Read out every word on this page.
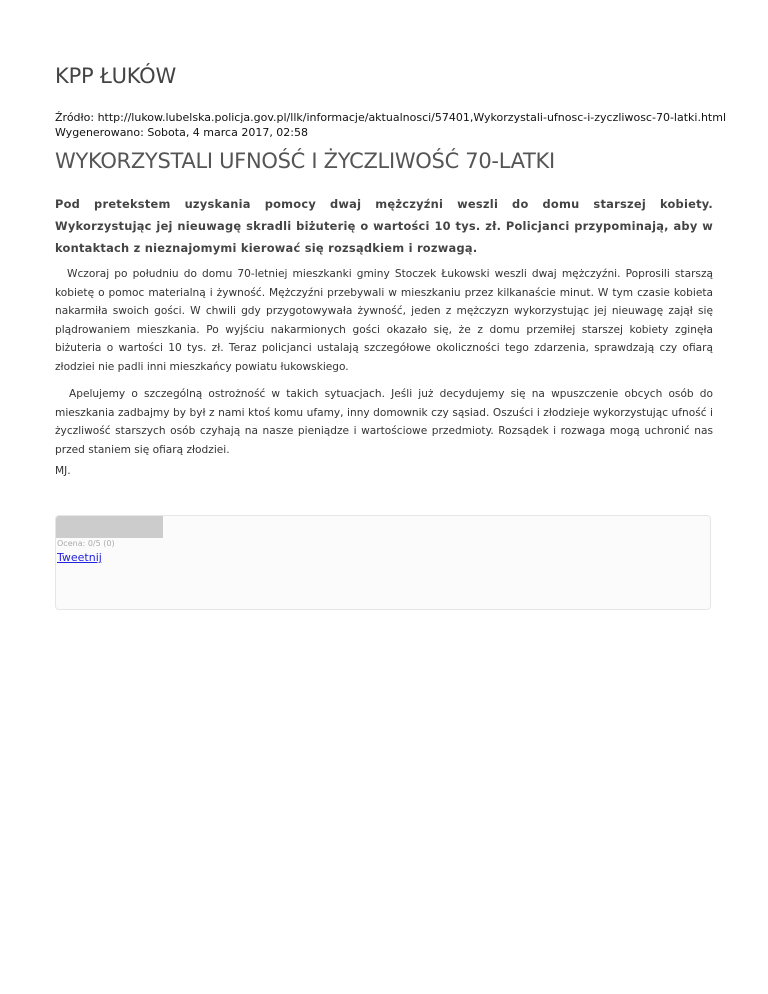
KPP ŁUKÓW
Źródło: http://lukow.lubelska.policja.gov.pl/llk/informacje/aktualnosci/57401,Wykorzystali-ufnosc-i-zyczliwosc-70-latki.html
Wygenerowano: Sobota, 4 marca 2017, 02:58
WYKORZYSTALI UFNOŚĆ I ŻYCZLIWOŚĆ 70-LATKI

Pod pretekstem uzyskania pomocy dwaj mężczyźni weszli do domu starszej kobiety. Wykorzystując jej nieuwagę skradli biżuterię o wartości 10 tys. zł. Policjanci przypominają, aby w kontaktach z nieznajomymi kierować się rozsądkiem i rozwagą.

Wczoraj po południu do domu 70-letniej mieszkanki gminy Stoczek Łukowski weszli dwaj mężczyźni. Poprosili starszą kobietę o pomoc materialną i żywność. Mężczyźni przebywali w mieszkaniu przez kilkanaście minut. W tym czasie kobieta nakarmiła swoich gości. W chwili gdy przygotowywała żywność, jeden z mężczyzn wykorzystując jej nieuwagę zajął się plądrowaniem mieszkania. Po wyjściu nakarmionych gości okazało się, że z domu przemiłej starszej kobiety zginęła biżuteria o wartości 10 tys. zł. Teraz policjanci ustalają szczegółowe okoliczności tego zdarzenia, sprawdzają czy ofiarą złodziei nie padli inni mieszkańcy powiatu łukowskiego.

Apelujemy o szczególną ostrożność w takich sytuacjach. Jeśli już decydujemy się na wpuszczenie obcych osób do mieszkania zadbajmy by był z nami ktoś komu ufamy, inny domownik czy sąsiad. Oszuści i złodzieje wykorzystując ufność i życzliwość starszych osób czyhają na nasze pieniądze i wartościowe przedmioty. Rozsądek i rozwaga mogą uchronić nas przed staniem się ofiarą złodziei.

MJ.
Ocena: 0/5 (0)
Tweetnij
